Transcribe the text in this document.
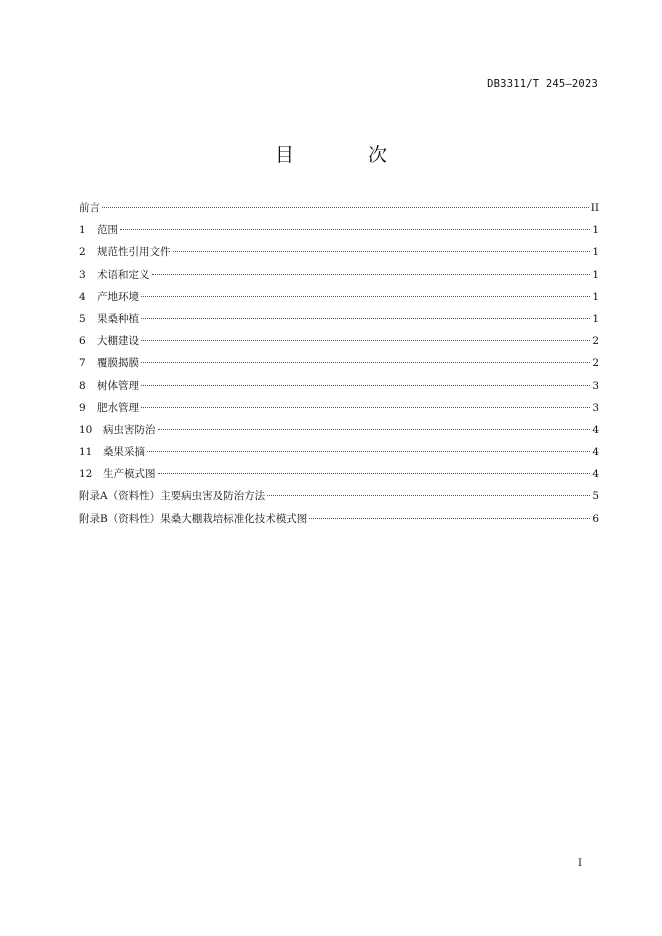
DB3311/T 245—2023
目 次
前言	II
1	范围	1
2	规范性引用文件	1
3	术语和定义	1
4	产地环境	1
5	果桑种植	1
6	大棚建设	2
7	覆膜揭膜	2
8	树体管理	3
9	肥水管理	3
10	病虫害防治	4
11	桑果采摘	4
12	生产模式图	4
附录A（资料性）主要病虫害及防治方法	5
附录B（资料性）果桑大棚栽培标准化技术模式图	6
I
